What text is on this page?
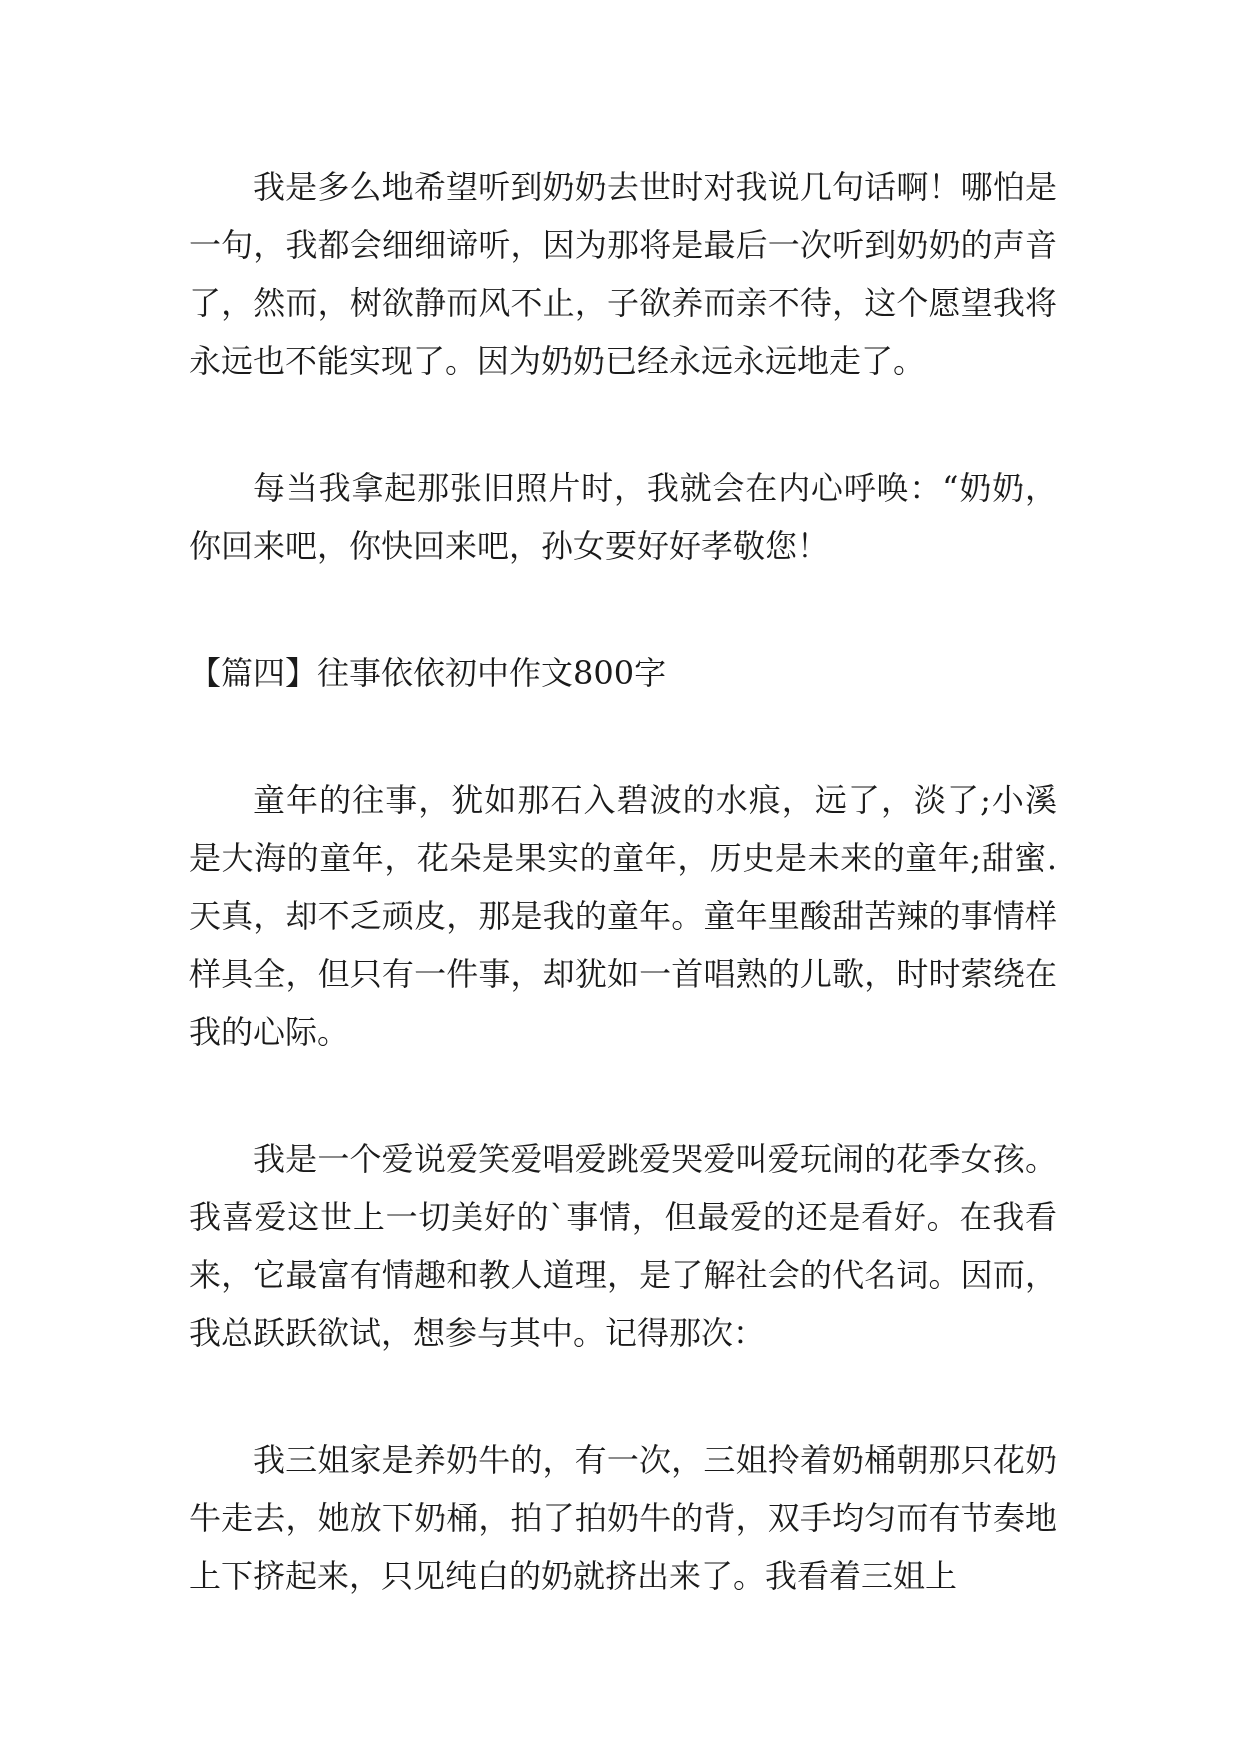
我是多么地希望听到奶奶去世时对我说几句话啊！哪怕是一句，我都会细细谛听，因为那将是最后一次听到奶奶的声音了，然而，树欲静而风不止，子欲养而亲不待，这个愿望我将永远也不能实现了。因为奶奶已经永远永远地走了。

每当我拿起那张旧照片时，我就会在内心呼唤：“奶奶，你回来吧，你快回来吧，孙女要好好孝敬您！

【篇四】往事依依初中作文800字

童年的往事，犹如那石入碧波的水痕，远了，淡了;小溪是大海的童年，花朵是果实的童年，历史是未来的童年;甜蜜.天真，却不乏顽皮，那是我的童年。童年里酸甜苦辣的事情样样具全，但只有一件事，却犹如一首唱熟的儿歌，时时萦绕在我的心际。

我是一个爱说爱笑爱唱爱跳爱哭爱叫爱玩闹的花季女孩。我喜爱这世上一切美好的`事情，但最爱的还是看好。在我看来，它最富有情趣和教人道理，是了解社会的代名词。因而，我总跃跃欲试，想参与其中。记得那次：

我三姐家是养奶牛的，有一次，三姐拎着奶桶朝那只花奶牛走去，她放下奶桶，拍了拍奶牛的背，双手均匀而有节奏地上下挤起来，只见纯白的奶就挤出来了。我看着三姐上
